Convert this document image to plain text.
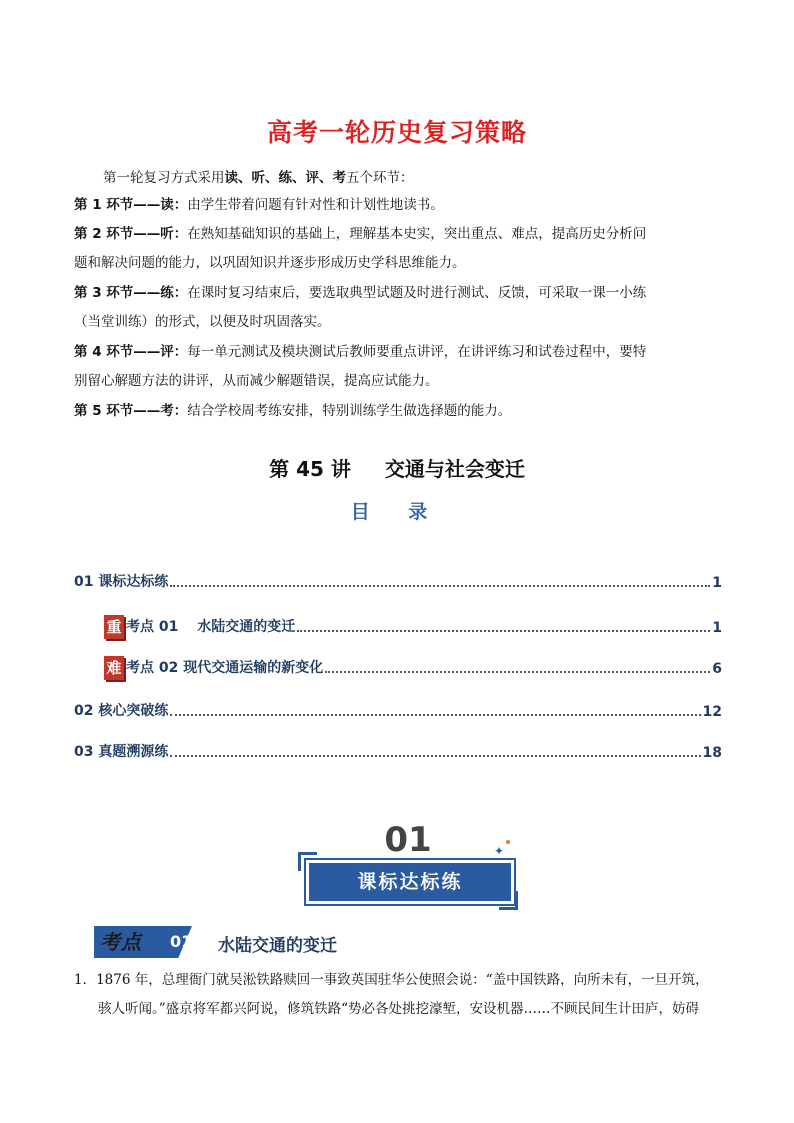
高考一轮历史复习策略
第一轮复习方式采用读、听、练、评、考五个环节：
第 1 环节——读：由学生带着问题有针对性和计划性地读书。
第 2 环节——听：在熟知基础知识的基础上，理解基本史实，突出重点、难点，提高历史分析问
题和解决问题的能力，以巩固知识并逐步形成历史学科思维能力。
第 3 环节——练：在课时复习结束后，要选取典型试题及时进行测试、反馈，可采取一课一小练
（当堂训练）的形式，以便及时巩固落实。
第 4 环节——评：每一单元测试及模块测试后教师要重点讲评，在讲评练习和试卷过程中，要特
别留心解题方法的讲评，从而减少解题错误，提高应试能力。
第 5 环节——考：结合学校周考练安排，特别训练学生做选择题的能力。
第 45 讲 交通与社会变迁
目 录
01 课标达标练	1
重 考点 01　 水陆交通的变迁	1
难 考点 02 现代交通运输的新变化	6
02 核心突破练	12
03 真题溯源练	18
01
课标达标练
✦
考点 01 水陆交通的变迁
1．1876 年，总理衙门就吴淞铁路赎回一事致英国驻华公使照会说：“盖中国铁路，向所未有，一旦开筑，
骇人听闻。”盛京将军都兴阿说，修筑铁路“势必各处挑挖濠堑，安设机器……不顾民间生计田庐，妨碍
